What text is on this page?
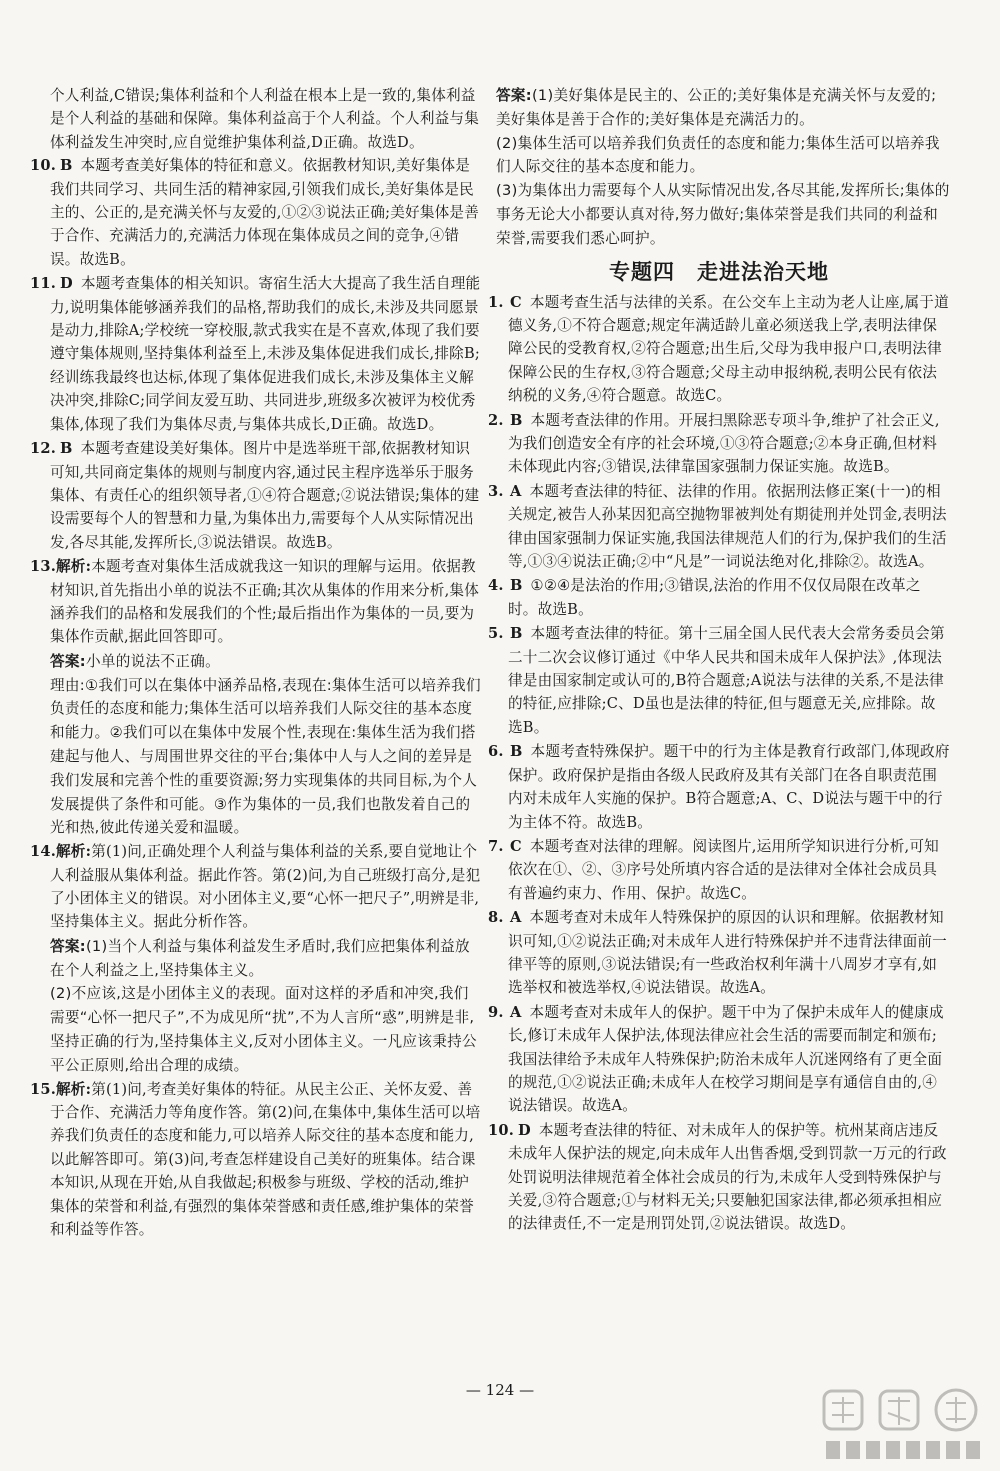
个人利益,C错误;集体利益和个人利益在根本上是一致的,集体利益是个人利益的基础和保障。集体利益高于个人利益。个人利益与集体利益发生冲突时,应自觉维护集体利益,D正确。故选D。
10. B 本题考查美好集体的特征和意义。依据教材知识,美好集体是我们共同学习、共同生活的精神家园,引领我们成长,美好集体是民主的、公正的,是充满关怀与友爱的,①②③说法正确;美好集体是善于合作、充满活力的,充满活力体现在集体成员之间的竞争,④错误。故选B。
11. D 本题考查集体的相关知识。寄宿生活大大提高了我生活自理能力,说明集体能够涵养我们的品格,帮助我们的成长,未涉及共同愿景是动力,排除A;学校统一穿校服,款式我实在是不喜欢,体现了我们要遵守集体规则,坚持集体利益至上,未涉及集体促进我们成长,排除B;经训练我最终也达标,体现了集体促进我们成长,未涉及集体主义解决冲突,排除C;同学间友爱互助、共同进步,班级多次被评为校优秀集体,体现了我们为集体尽责,与集体共成长,D正确。故选D。
12. B 本题考查建设美好集体。图片中是选举班干部,依据教材知识可知,共同商定集体的规则与制度内容,通过民主程序选举乐于服务集体、有责任心的组织领导者,①④符合题意;②说法错误;集体的建设需要每个人的智慧和力量,为集体出力,需要每个人从实际情况出发,各尽其能,发挥所长,③说法错误。故选B。
13.解析:本题考查对集体生活成就我这一知识的理解与运用。依据教材知识,首先指出小单的说法不正确;其次从集体的作用来分析,集体涵养我们的品格和发展我们的个性;最后指出作为集体的一员,要为集体作贡献,据此回答即可。

答案:小单的说法不正确。

理由:①我们可以在集体中涵养品格,表现在:集体生活可以培养我们负责任的态度和能力;集体生活可以培养我们人际交往的基本态度和能力。②我们可以在集体中发展个性,表现在:集体生活为我们搭建起与他人、与周围世界交往的平台;集体中人与人之间的差异是我们发展和完善个性的重要资源;努力实现集体的共同目标,为个人发展提供了条件和可能。③作为集体的一员,我们也散发着自己的光和热,彼此传递关爱和温暖。

14.解析:第(1)问,正确处理个人利益与集体利益的关系,要自觉地让个人利益服从集体利益。据此作答。第(2)问,为自己班级打高分,是犯了小团体主义的错误。对小团体主义,要“心怀一把尺子”,明辨是非,坚持集体主义。据此分析作答。

答案:(1)当个人利益与集体利益发生矛盾时,我们应把集体利益放在个人利益之上,坚持集体主义。

(2)不应该,这是小团体主义的表现。面对这样的矛盾和冲突,我们需要“心怀一把尺子”,不为成见所“扰”,不为人言所“惑”,明辨是非,坚持正确的行为,坚持集体主义,反对小团体主义。一凡应该秉持公平公正原则,给出合理的成绩。

15.解析:第(1)问,考查美好集体的特征。从民主公正、关怀友爱、善于合作、充满活力等角度作答。第(2)问,在集体中,集体生活可以培养我们负责任的态度和能力,可以培养人际交往的基本态度和能力,以此解答即可。第(3)问,考查怎样建设自己美好的班集体。结合课本知识,从现在开始,从自我做起;积极参与班级、学校的活动,维护集体的荣誉和利益,有强烈的集体荣誉感和责任感,维护集体的荣誉和利益等作答。

答案:(1)美好集体是民主的、公正的;美好集体是充满关怀与友爱的;美好集体是善于合作的;美好集体是充满活力的。

(2)集体生活可以培养我们负责任的态度和能力;集体生活可以培养我们人际交往的基本态度和能力。

(3)为集体出力需要每个人从实际情况出发,各尽其能,发挥所长;集体的事务无论大小都要认真对待,努力做好;集体荣誉是我们共同的利益和荣誉,需要我们悉心呵护。

专题四 走进法治天地
1. C 本题考查生活与法律的关系。在公交车上主动为老人让座,属于道德义务,①不符合题意;规定年满适龄儿童必须送我上学,表明法律保障公民的受教育权,②符合题意;出生后,父母为我申报户口,表明法律保障公民的生存权,③符合题意;父母主动申报纳税,表明公民有依法纳税的义务,④符合题意。故选C。
2. B 本题考查法律的作用。开展扫黑除恶专项斗争,维护了社会正义,为我们创造安全有序的社会环境,①③符合题意;②本身正确,但材料未体现此内容;③错误,法律靠国家强制力保证实施。故选B。
3. A 本题考查法律的特征、法律的作用。依据刑法修正案(十一)的相关规定,被告人孙某因犯高空抛物罪被判处有期徒刑并处罚金,表明法律由国家强制力保证实施,我国法律规范人们的行为,保护我们的生活等,①③④说法正确;②中“凡是”一词说法绝对化,排除②。故选A。
4. B ①②④是法治的作用;③错误,法治的作用不仅仅局限在改革之时。故选B。
5. B 本题考查法律的特征。第十三届全国人民代表大会常务委员会第二十二次会议修订通过《中华人民共和国未成年人保护法》,体现法律是由国家制定或认可的,B符合题意;A说法与法律的关系,不是法律的特征,应排除;C、D虽也是法律的特征,但与题意无关,应排除。故选B。
6. B 本题考查特殊保护。题干中的行为主体是教育行政部门,体现政府保护。政府保护是指由各级人民政府及其有关部门在各自职责范围内对未成年人实施的保护。B符合题意;A、C、D说法与题干中的行为主体不符。故选B。
7. C 本题考查对法律的理解。阅读图片,运用所学知识进行分析,可知依次在①、②、③序号处所填内容合适的是法律对全体社会成员具有普遍约束力、作用、保护。故选C。
8. A 本题考查对未成年人特殊保护的原因的认识和理解。依据教材知识可知,①②说法正确;对未成年人进行特殊保护并不违背法律面前一律平等的原则,③说法错误;有一些政治权利年满十八周岁才享有,如选举权和被选举权,④说法错误。故选A。
9. A 本题考查对未成年人的保护。题干中为了保护未成年人的健康成长,修订未成年人保护法,体现法律应社会生活的需要而制定和颁布;我国法律给予未成年人特殊保护;防治未成年人沉迷网络有了更全面的规范,①②说法正确;未成年人在校学习期间是享有通信自由的,④说法错误。故选A。
10. D 本题考查法律的特征、对未成年人的保护等。杭州某商店违反未成年人保护法的规定,向未成年人出售香烟,受到罚款一万元的行政处罚说明法律规范着全体社会成员的行为,未成年人受到特殊保护与关爱,③符合题意;①与材料无关;只要触犯国家法律,都必须承担相应的法律责任,不一定是刑罚处罚,②说法错误。故选D。
— 124 —
